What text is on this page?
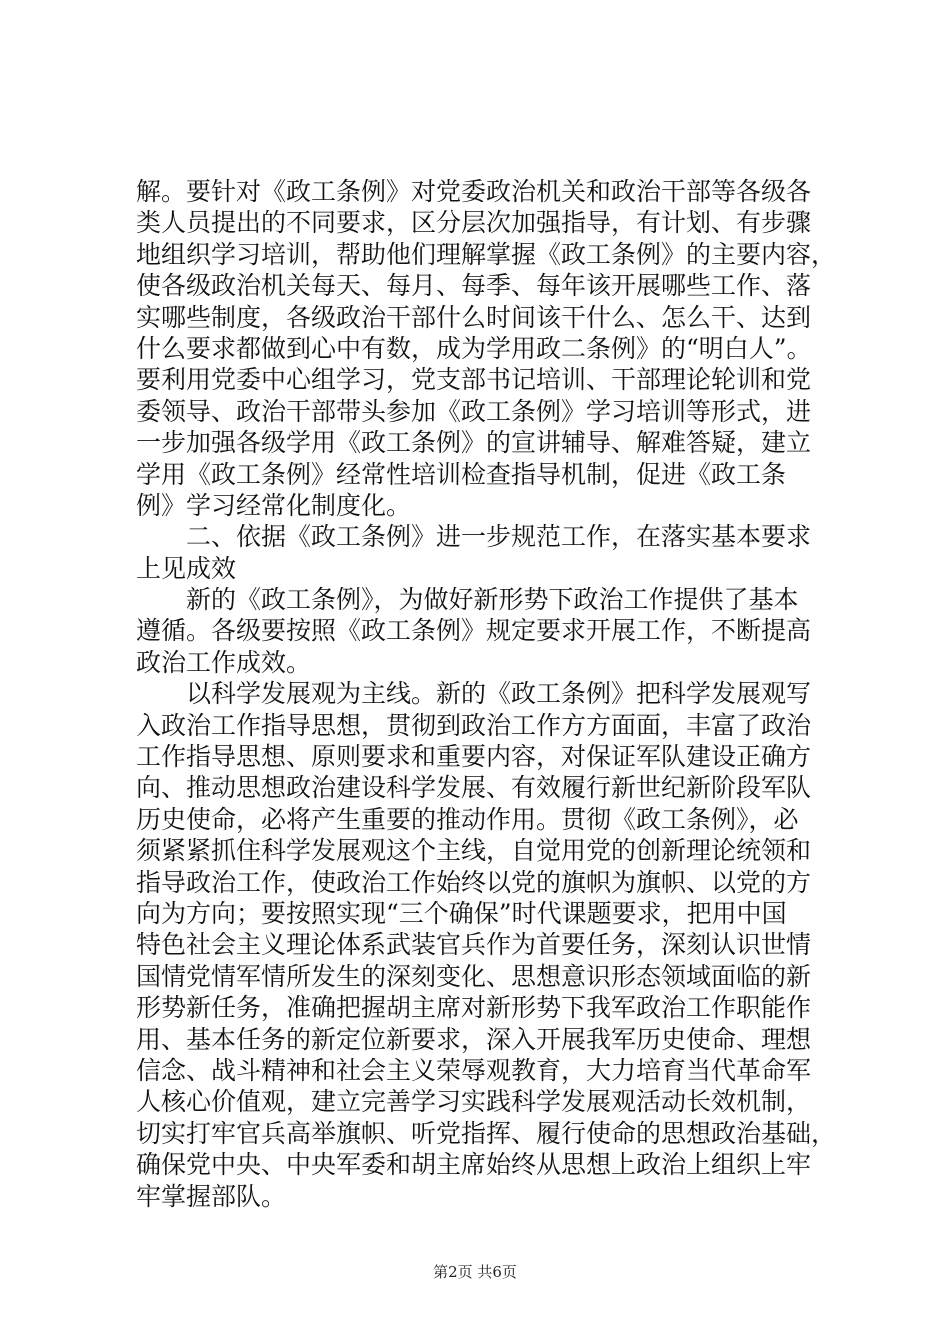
解。要针对《政工条例》对党委政治机关和政治干部等各级各
类人员提出的不同要求，区分层次加强指导，有计划、有步骤
地组织学习培训，帮助他们理解掌握《政工条例》的主要内容，
使各级政治机关每天、每月、每季、每年该开展哪些工作、落
实哪些制度，各级政治干部什么时间该干什么、怎么干、达到
什么要求都做到心中有数，成为学用政二条例》的“明白人”。
要利用党委中心组学习，党支部书记培训、干部理论轮训和党
委领导、政治干部带头参加《政工条例》学习培训等形式，进
一步加强各级学用《政工条例》的宣讲辅导、解难答疑，建立
学用《政工条例》经常性培训检查指导机制，促进《政工条
例》学习经常化制度化。
　　二、依据《政工条例》进一步规范工作，在落实基本要求
上见成效
　　新的《政工条例》，为做好新形势下政治工作提供了基本
遵循。各级要按照《政工条例》规定要求开展工作，不断提高
政治工作成效。
　　以科学发展观为主线。新的《政工条例》把科学发展观写
入政治工作指导思想，贯彻到政治工作方方面面，丰富了政治
工作指导思想、原则要求和重要内容，对保证军队建设正确方
向、推动思想政治建设科学发展、有效履行新世纪新阶段军队
历史使命，必将产生重要的推动作用。贯彻《政工条例》，必
须紧紧抓住科学发展观这个主线，自觉用党的创新理论统领和
指导政治工作，使政治工作始终以党的旗帜为旗帜、以党的方
向为方向；要按照实现“三个确保”时代课题要求，把用中国
特色社会主义理论体系武装官兵作为首要任务，深刻认识世情
国情党情军情所发生的深刻变化、思想意识形态领域面临的新
形势新任务，准确把握胡主席对新形势下我军政治工作职能作
用、基本任务的新定位新要求，深入开展我军历史使命、理想
信念、战斗精神和社会主义荣辱观教育，大力培育当代革命军
人核心价值观，建立完善学习实践科学发展观活动长效机制，
切实打牢官兵高举旗帜、听党指挥、履行使命的思想政治基础，
确保党中央、中央军委和胡主席始终从思想上政治上组织上牢
牢掌握部队。
第2页 共6页
